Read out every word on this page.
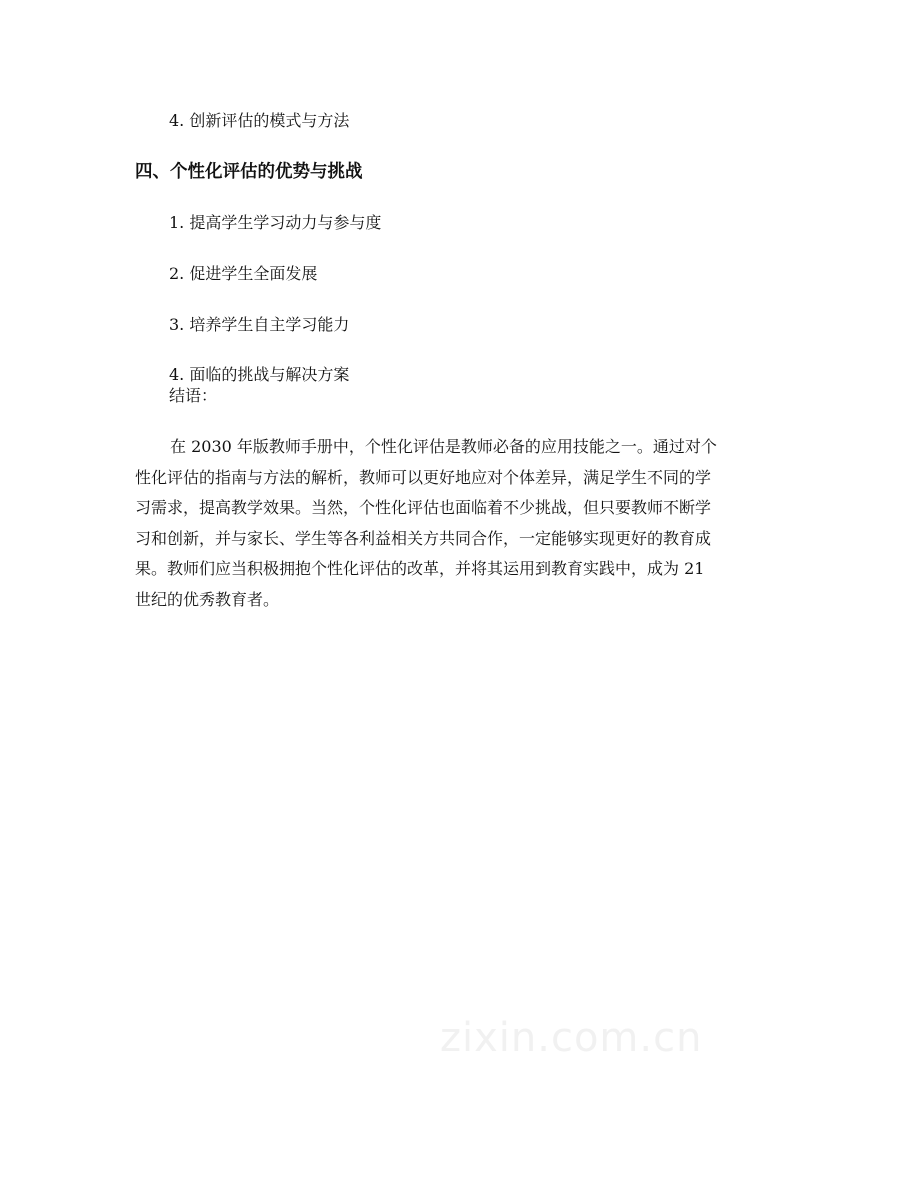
4. 创新评估的模式与方法
四、个性化评估的优势与挑战
1. 提高学生学习动力与参与度
2. 促进学生全面发展
3. 培养学生自主学习能力
4. 面临的挑战与解决方案
结语：
在 2030 年版教师手册中，个性化评估是教师必备的应用技能之一。通过对个
性化评估的指南与方法的解析，教师可以更好地应对个体差异，满足学生不同的学
习需求，提高教学效果。当然，个性化评估也面临着不少挑战，但只要教师不断学
习和创新，并与家长、学生等各利益相关方共同合作，一定能够实现更好的教育成
果。教师们应当积极拥抱个性化评估的改革，并将其运用到教育实践中，成为 21
世纪的优秀教育者。
zixin.com.cn
